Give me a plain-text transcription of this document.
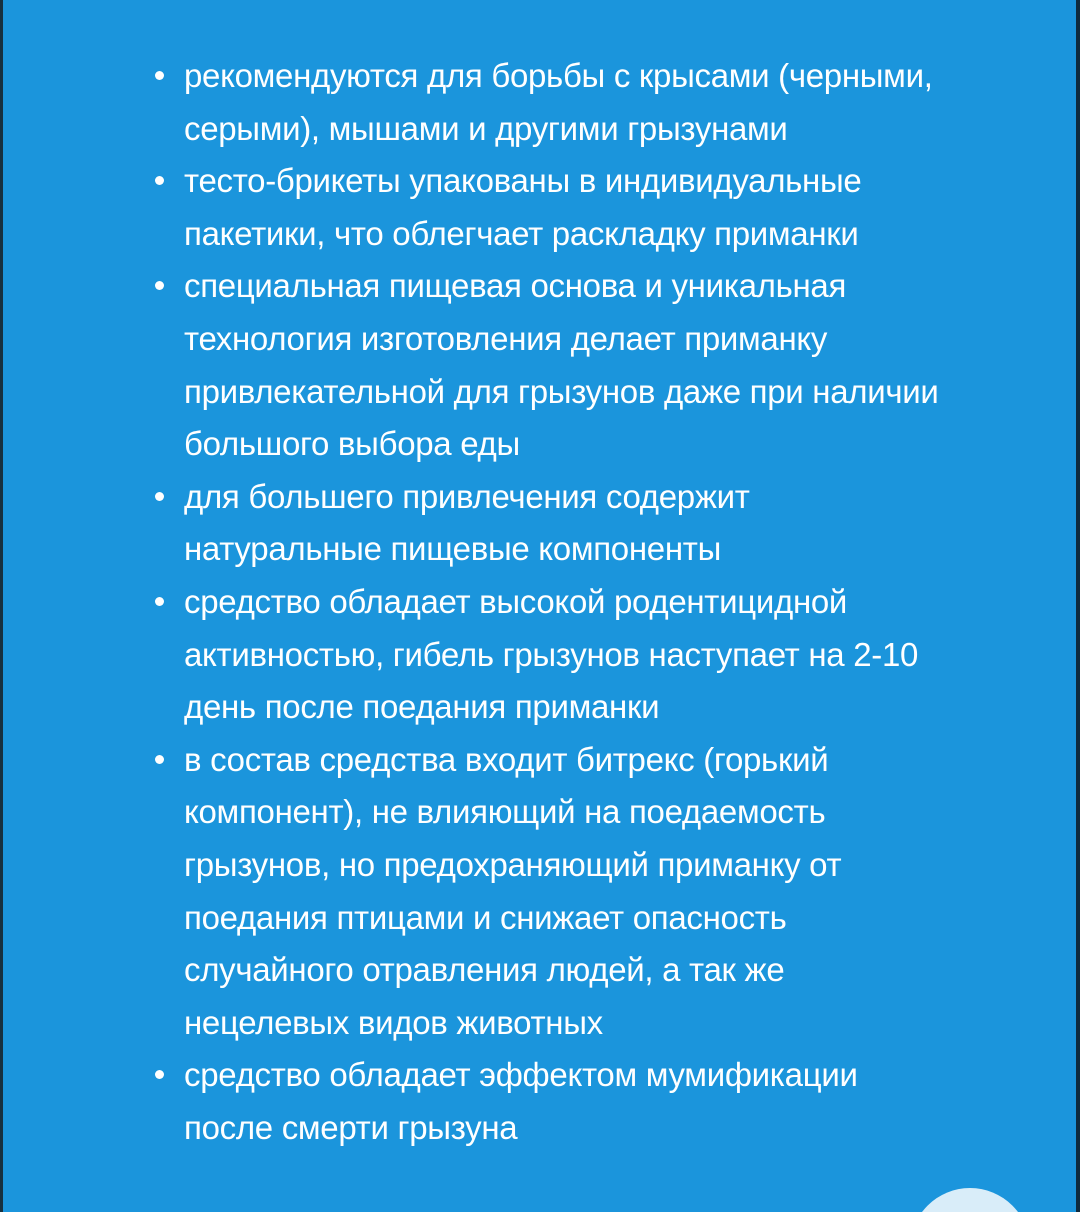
рекомендуются для борьбы с крысами (черными, серыми), мышами и другими грызунами
тесто-брикеты упакованы в индивидуальные пакетики, что облегчает раскладку приманки
специальная пищевая основа и уникальная технология изготовления делает приманку привлекательной для грызунов даже при наличии большого выбора еды
для большего привлечения содержит натуральные пищевые компоненты
средство обладает высокой родентицидной активностью, гибель грызунов наступает на 2-10 день после поедания приманки
в состав средства входит битрекс (горький компонент), не влияющий на поедаемость грызунов, но предохраняющий приманку от поедания птицами и снижает опасность случайного отравления людей, а так же нецелевых видов животных
средство обладает эффектом мумификации после смерти грызуна
